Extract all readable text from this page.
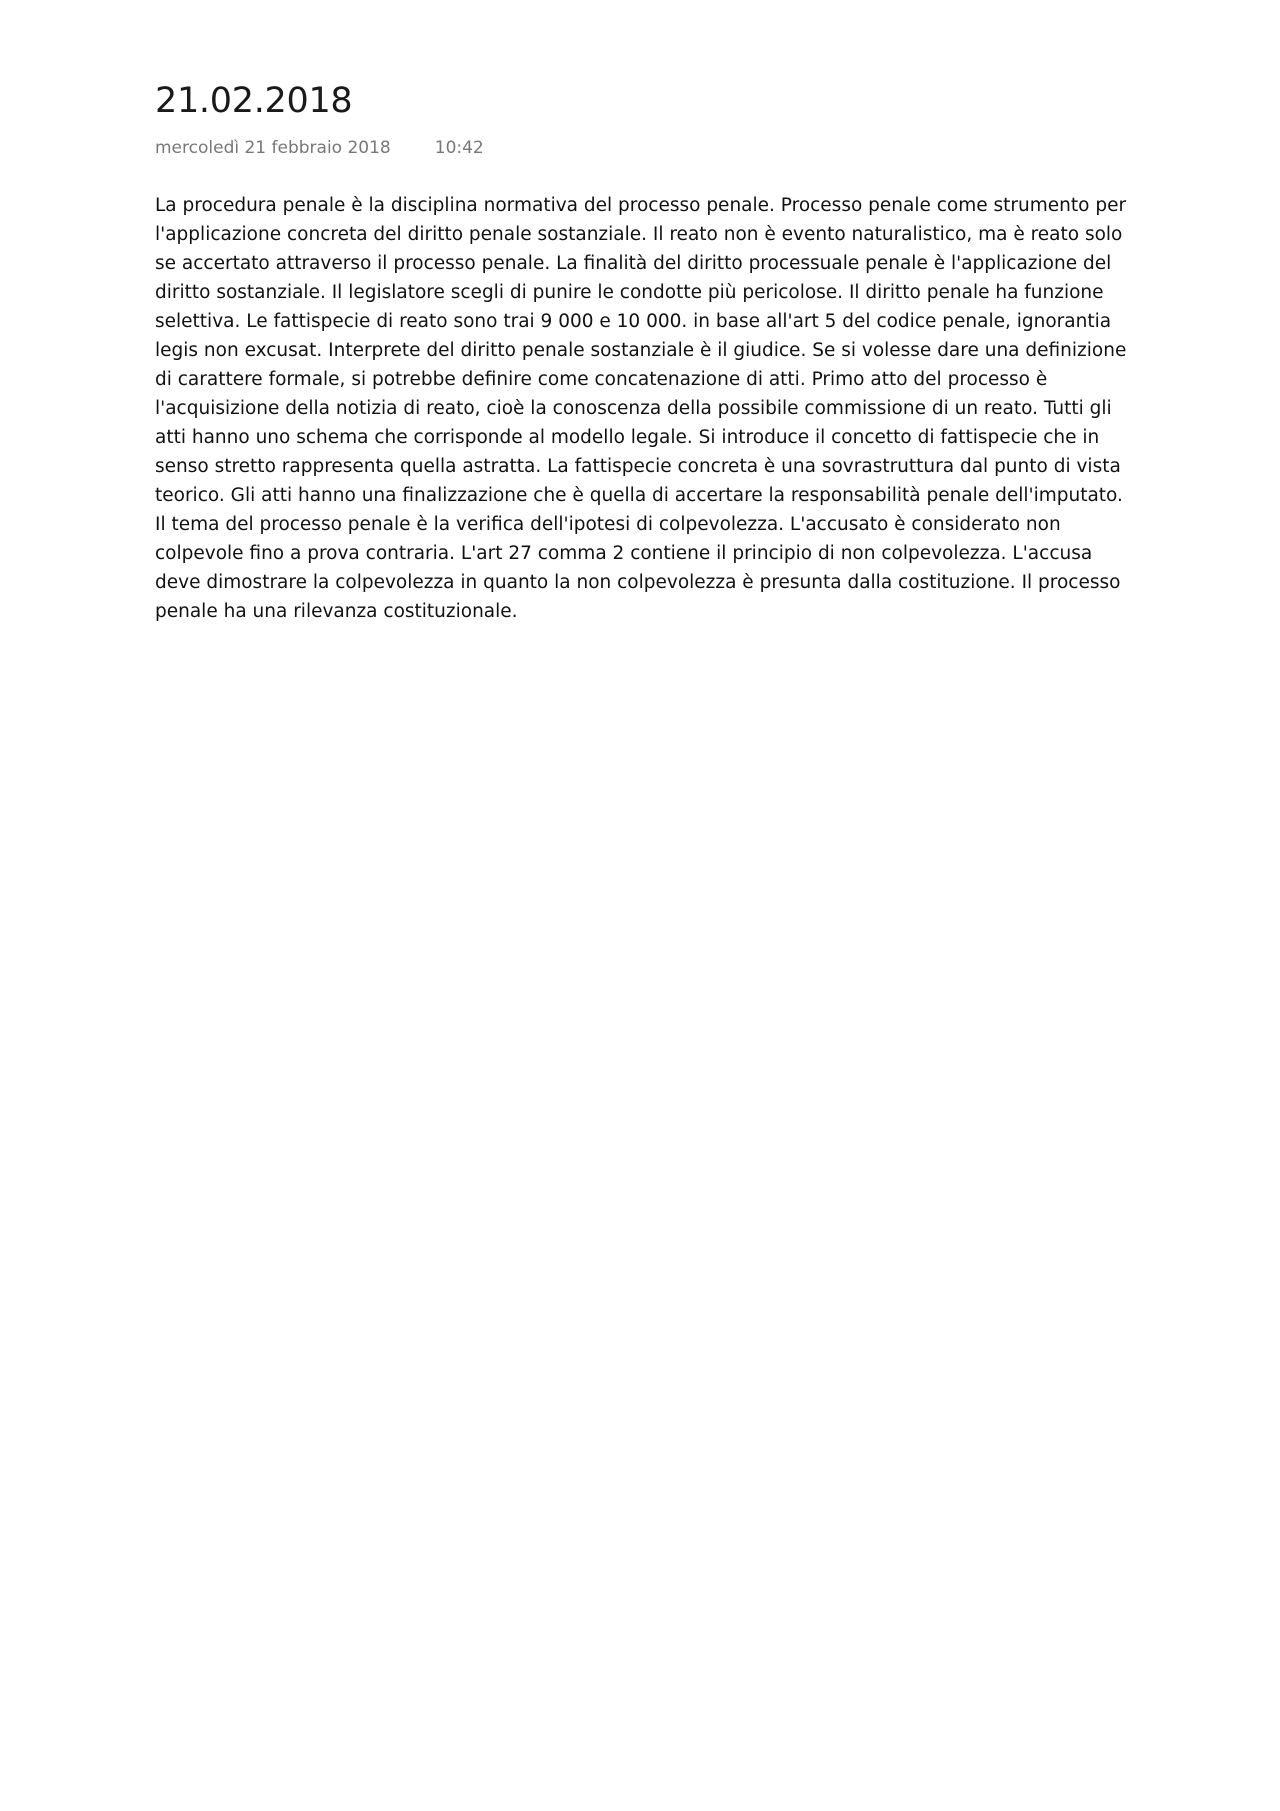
21.02.2018
mercoledì 21 febbraio 2018	10:42

La procedura penale è la disciplina normativa del processo penale. Processo penale come strumento per l'applicazione concreta del diritto penale sostanziale. Il reato non è evento naturalistico, ma è reato solo se accertato attraverso il processo penale. La finalità del diritto processuale penale è l'applicazione del diritto sostanziale. Il legislatore scegli di punire le condotte più pericolose. Il diritto penale ha funzione selettiva. Le fattispecie di reato sono trai 9 000 e 10 000. in base all'art 5 del codice penale, ignorantia legis non excusat. Interprete del diritto penale sostanziale è il giudice. Se si volesse dare una definizione di carattere formale, si potrebbe definire come concatenazione di atti. Primo atto del processo è l'acquisizione della notizia di reato, cioè la conoscenza della possibile commissione di un reato. Tutti gli atti hanno uno schema che corrisponde al modello legale. Si introduce il concetto di fattispecie che in senso stretto rappresenta quella astratta. La fattispecie concreta è una sovrastruttura dal punto di vista teorico. Gli atti hanno una finalizzazione che è quella di accertare la responsabilità penale dell'imputato. Il tema del processo penale è la verifica dell'ipotesi di colpevolezza. L'accusato è considerato non colpevole fino a prova contraria. L'art 27 comma 2 contiene il principio di non colpevolezza. L'accusa deve dimostrare la colpevolezza in quanto la non colpevolezza è presunta dalla costituzione. Il processo penale ha una rilevanza costituzionale.
